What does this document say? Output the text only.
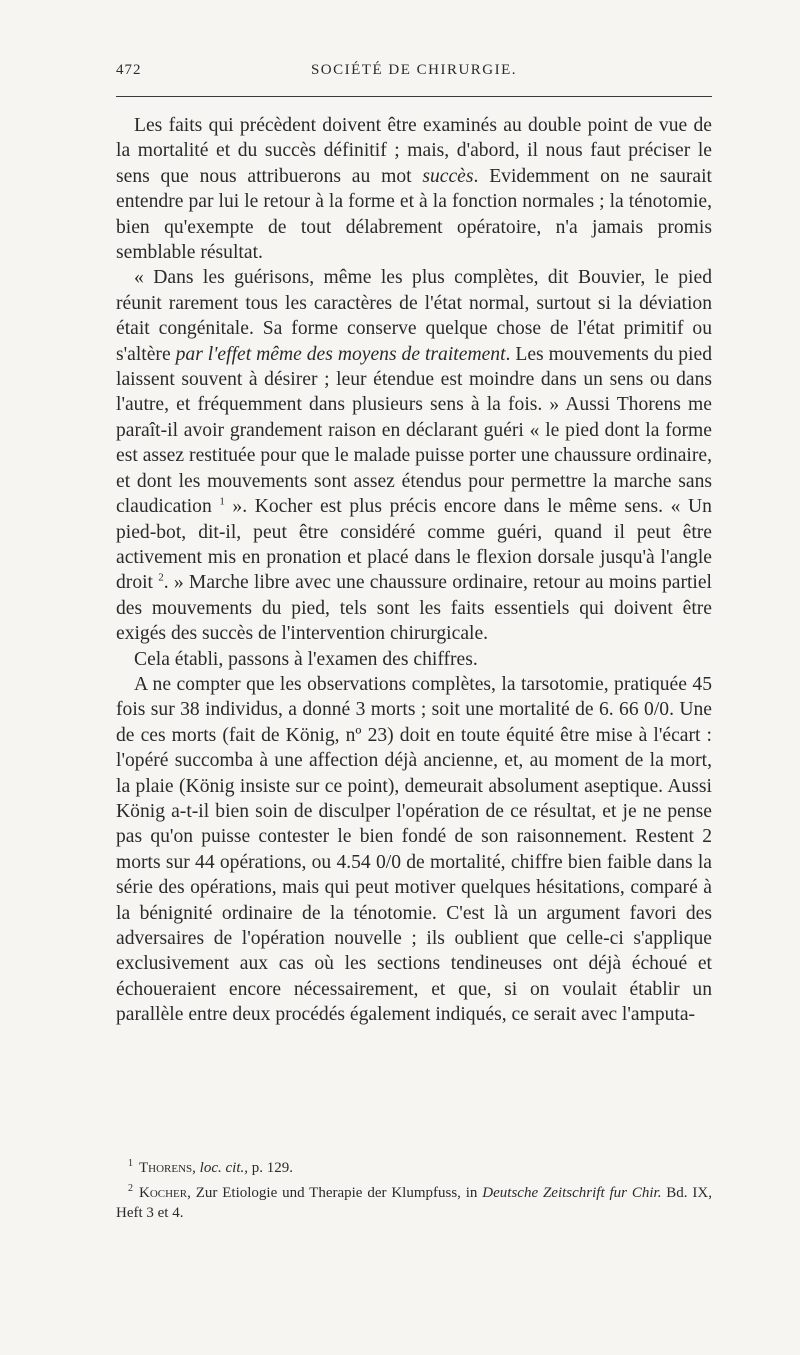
472	SOCIÉTÉ DE CHIRURGIE.

Les faits qui précèdent doivent être examinés au double point de vue de la mortalité et du succès définitif ; mais, d'abord, il nous faut préciser le sens que nous attribuerons au mot succès. Evidemment on ne saurait entendre par lui le retour à la forme et à la fonction normales ; la ténotomie, bien qu'exempte de tout délabrement opératoire, n'a jamais promis semblable résultat.

« Dans les guérisons, même les plus complètes, dit Bouvier, le pied réunit rarement tous les caractères de l'état normal, surtout si la déviation était congénitale. Sa forme conserve quelque chose de l'état primitif ou s'altère par l'effet même des moyens de traitement. Les mouvements du pied laissent souvent à désirer ; leur étendue est moindre dans un sens ou dans l'autre, et fréquemment dans plusieurs sens à la fois. » Aussi Thorens me paraît-il avoir grandement raison en déclarant guéri « le pied dont la forme est assez restituée pour que le malade puisse porter une chaussure ordinaire, et dont les mouvements sont assez étendus pour permettre la marche sans claudication $^1$ ». Kocher est plus précis encore dans le même sens. « Un pied-bot, dit-il, peut être considéré comme guéri, quand il peut être activement mis en pronation et placé dans le flexion dorsale jusqu'à l'angle droit $^2$. » Marche libre avec une chaussure ordinaire, retour au moins partiel des mouvements du pied, tels sont les faits essentiels qui doivent être exigés des succès de l'intervention chirurgicale.

Cela établi, passons à l'examen des chiffres.

A ne compter que les observations complètes, la tarsotomie, pratiquée 45 fois sur 38 individus, a donné 3 morts ; soit une mortalité de 6. 66 0/0. Une de ces morts (fait de König, nº 23) doit en toute équité être mise à l'écart : l'opéré succomba à une affection déjà ancienne, et, au moment de la mort, la plaie (König insiste sur ce point), demeurait absolument aseptique. Aussi König a-t-il bien soin de disculper l'opération de ce résultat, et je ne pense pas qu'on puisse contester le bien fondé de son raisonnement. Restent 2 morts sur 44 opérations, ou 4.54 0/0 de mortalité, chiffre bien faible dans la série des opérations, mais qui peut motiver quelques hésitations, comparé à la bénignité ordinaire de la ténotomie. C'est là un argument favori des adversaires de l'opération nouvelle ; ils oublient que celle-ci s'applique exclusivement aux cas où les sections tendineuses ont déjà échoué et échoueraient encore nécessairement, et que, si on voulait établir un parallèle entre deux procédés également indiqués, ce serait avec l'amputa-

$^1$ Thorens, loc. cit., p. 129.

$^2$ Kocher, Zur Etiologie und Therapie der Klumpfuss, in Deutsche Zeitschrift fur Chir. Bd. IX, Heft 3 et 4.
